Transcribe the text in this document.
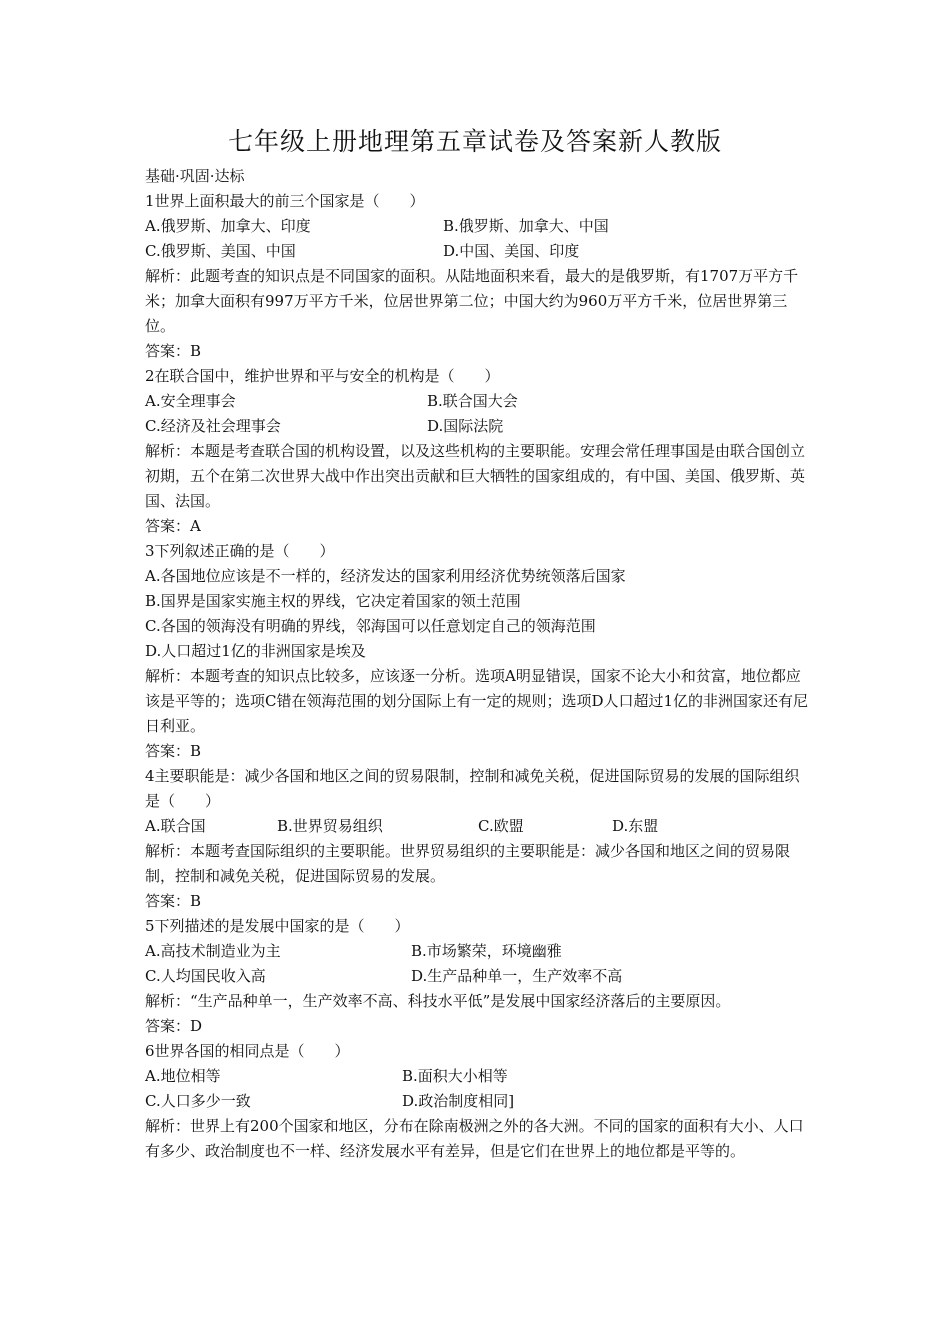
七年级上册地理第五章试卷及答案新人教版
基础·巩固·达标
1世界上面积最大的前三个国家是（　　）
A.俄罗斯、加拿大、印度	B.俄罗斯、加拿大、中国
C.俄罗斯、美国、中国	D.中国、美国、印度
解析：此题考查的知识点是不同国家的面积。从陆地面积来看，最大的是俄罗斯，有1707万平方千米；加拿大面积有997万平方千米，位居世界第二位；中国大约为960万平方千米，位居世界第三位。
答案：B
2在联合国中，维护世界和平与安全的机构是（　　）
A.安全理事会	B.联合国大会
C.经济及社会理事会	D.国际法院
解析：本题是考查联合国的机构设置，以及这些机构的主要职能。安理会常任理事国是由联合国创立初期，五个在第二次世界大战中作出突出贡献和巨大牺牲的国家组成的，有中国、美国、俄罗斯、英国、法国。
答案：A
3下列叙述正确的是（　　）
A.各国地位应该是不一样的，经济发达的国家利用经济优势统领落后国家
B.国界是国家实施主权的界线，它决定着国家的领土范围
C.各国的领海没有明确的界线，邻海国可以任意划定自己的领海范围
D.人口超过1亿的非洲国家是埃及
解析：本题考查的知识点比较多，应该逐一分析。选项A明显错误，国家不论大小和贫富，地位都应该是平等的；选项C错在领海范围的划分国际上有一定的规则；选项D人口超过1亿的非洲国家还有尼日利亚。
答案：B
4主要职能是：减少各国和地区之间的贸易限制，控制和减免关税，促进国际贸易的发展的国际组织是（　　）
A.联合国	B.世界贸易组织	C.欧盟	D.东盟
解析：本题考查国际组织的主要职能。世界贸易组织的主要职能是：减少各国和地区之间的贸易限制，控制和减免关税，促进国际贸易的发展。
答案：B
5下列描述的是发展中国家的是（　　）
A.高技术制造业为主	B.市场繁荣，环境幽雅
C.人均国民收入高	D.生产品种单一，生产效率不高
解析：“生产品种单一，生产效率不高、科技水平低”是发展中国家经济落后的主要原因。
答案：D
6世界各国的相同点是（　　）
A.地位相等	B.面积大小相等
C.人口多少一致	D.政治制度相同]
解析：世界上有200个国家和地区，分布在除南极洲之外的各大洲。不同的国家的面积有大小、人口有多少、政治制度也不一样、经济发展水平有差异，但是它们在世界上的地位都是平等的。
